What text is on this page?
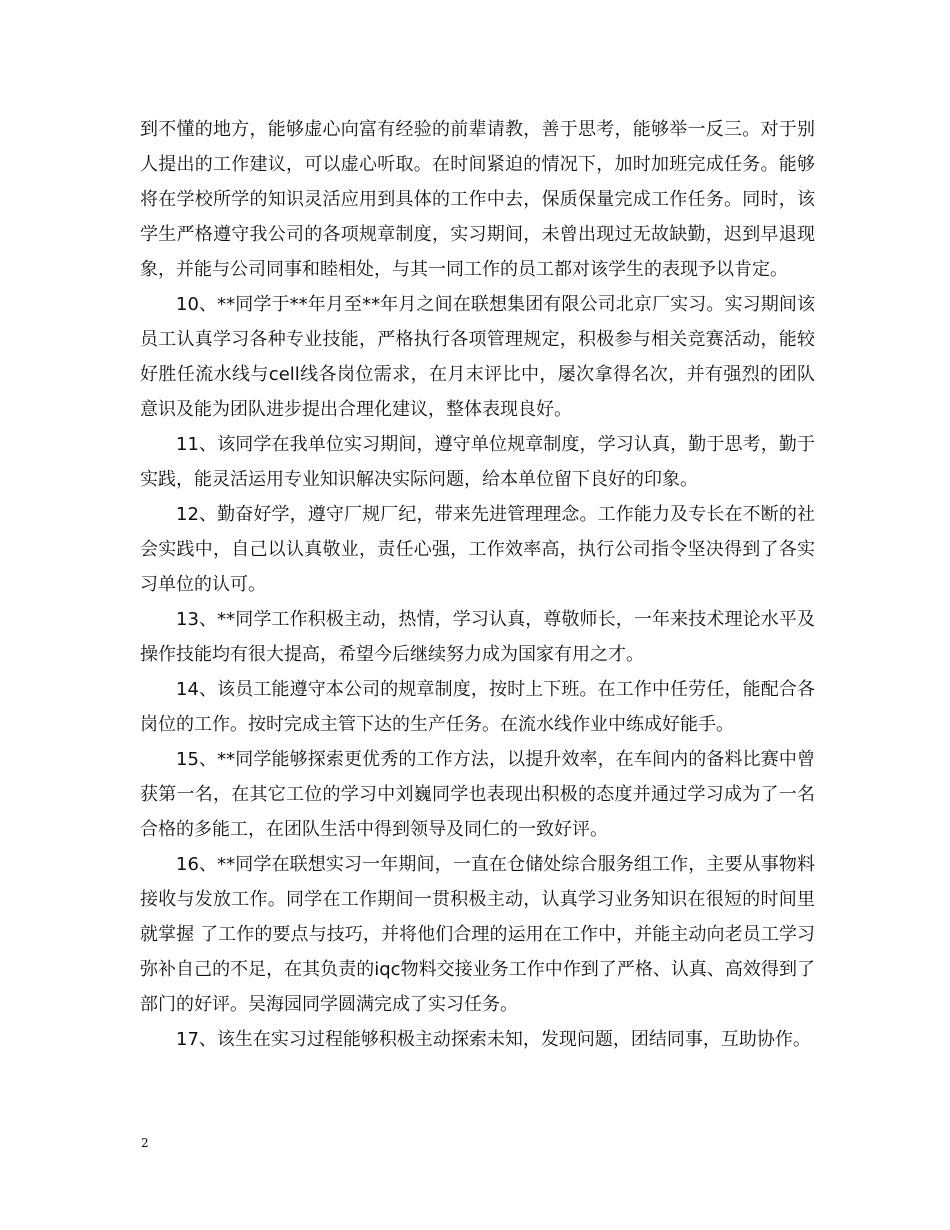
到不懂的地方，能够虚心向富有经验的前辈请教，善于思考，能够举一反三。对于别人提出的工作建议，可以虚心听取。在时间紧迫的情况下，加时加班完成任务。能够将在学校所学的知识灵活应用到具体的工作中去，保质保量完成工作任务。同时，该学生严格遵守我公司的各项规章制度，实习期间，未曾出现过无故缺勤，迟到早退现象，并能与公司同事和睦相处，与其一同工作的员工都对该学生的表现予以肯定。

10、**同学于**年月至**年月之间在联想集团有限公司北京厂实习。实习期间该员工认真学习各种专业技能，严格执行各项管理规定，积极参与相关竞赛活动，能较好胜任流水线与cell线各岗位需求，在月末评比中，屡次拿得名次，并有强烈的团队意识及能为团队进步提出合理化建议，整体表现良好。

11、该同学在我单位实习期间，遵守单位规章制度，学习认真，勤于思考，勤于实践，能灵活运用专业知识解决实际问题，给本单位留下良好的印象。

12、勤奋好学，遵守厂规厂纪，带来先进管理理念。工作能力及专长在不断的社会实践中，自己以认真敬业，责任心强，工作效率高，执行公司指令坚决得到了各实习单位的认可。

13、**同学工作积极主动，热情，学习认真，尊敬师长，一年来技术理论水平及操作技能均有很大提高，希望今后继续努力成为国家有用之才。

14、该员工能遵守本公司的规章制度，按时上下班。在工作中任劳任，能配合各岗位的工作。按时完成主管下达的生产任务。在流水线作业中练成好能手。

15、**同学能够探索更优秀的工作方法，以提升效率，在车间内的备料比赛中曾获第一名，在其它工位的学习中刘巍同学也表现出积极的态度并通过学习成为了一名合格的多能工，在团队生活中得到领导及同仁的一致好评。

16、**同学在联想实习一年期间，一直在仓储处综合服务组工作，主要从事物料接收与发放工作。同学在工作期间一贯积极主动，认真学习业务知识在很短的时间里就掌握 了工作的要点与技巧，并将他们合理的运用在工作中，并能主动向老员工学习弥补自己的不足，在其负责的iqc物料交接业务工作中作到了严格、认真、高效得到了部门的好评。吴海园同学圆满完成了实习任务。

17、该生在实习过程能够积极主动探索未知，发现问题，团结同事，互助协作。

2
